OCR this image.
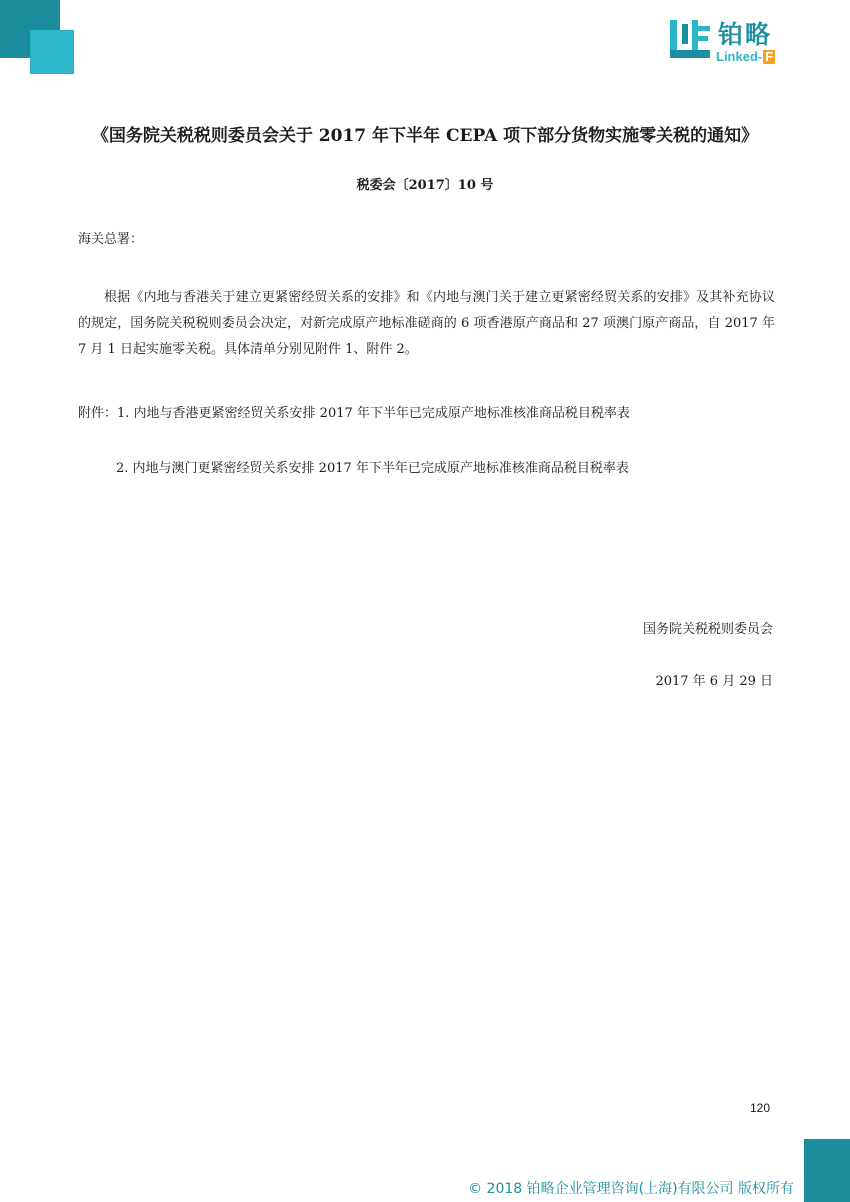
铂略
Linked- F
《国务院关税税则委员会关于 2017 年下半年 CEPA 项下部分货物实施零关税的通知》
税委会〔2017〕10 号
海关总署：
根据《内地与香港关于建立更紧密经贸关系的安排》和《内地与澳门关于建立更紧密经贸关系的安排》及其补充协议的规定，国务院关税税则委员会决定，对新完成原产地标准磋商的 6 项香港原产商品和 27 项澳门原产商品，自 2017 年 7 月 1 日起实施零关税。具体清单分别见附件 1、附件 2。
附件：1. 内地与香港更紧密经贸关系安排 2017 年下半年已完成原产地标准核准商品税目税率表
2. 内地与澳门更紧密经贸关系安排 2017 年下半年已完成原产地标准核准商品税目税率表
国务院关税税则委员会
2017 年 6 月 29 日
120
© 2018 铂略企业管理咨询(上海)有限公司 版权所有
